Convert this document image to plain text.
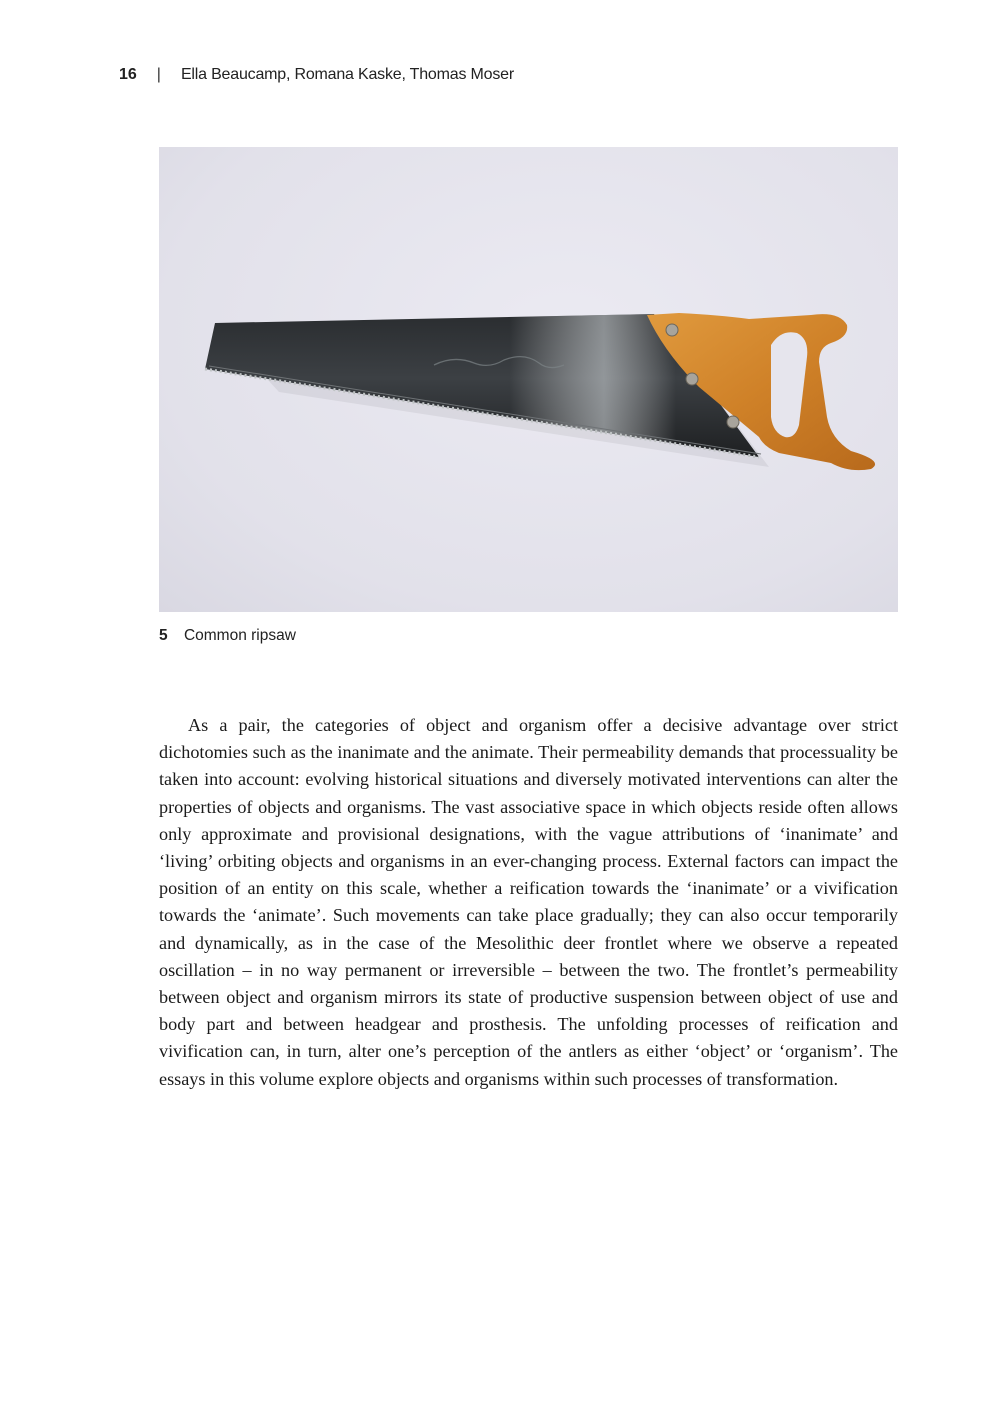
16 | Ella Beaucamp, Romana Kaske, Thomas Moser
5 Common ripsaw

As a pair, the categories of object and organism offer a decisive advantage over strict dichotomies such as the inanimate and the animate. Their permeability demands that processuality be taken into account: evolving historical situations and diversely motivated interventions can alter the properties of objects and organisms. The vast associative space in which objects reside often allows only approximate and provisional designations, with the vague attributions of ‘inanimate’ and ‘living’ orbiting objects and organisms in an ever-changing process. External factors can impact the position of an entity on this scale, whether a reification towards the ‘inanimate’ or a vivification towards the ‘animate’. Such movements can take place gradually; they can also occur temporarily and dynamically, as in the case of the Mesolithic deer frontlet where we observe a repeated oscillation – in no way permanent or irreversible – between the two. The frontlet’s permeability between object and organism mirrors its state of productive suspension between object of use and body part and between headgear and prosthesis. The unfolding processes of reification and vivification can, in turn, alter one’s perception of the antlers as either ‘object’ or ‘organism’. The essays in this volume explore objects and organisms within such processes of transformation.
